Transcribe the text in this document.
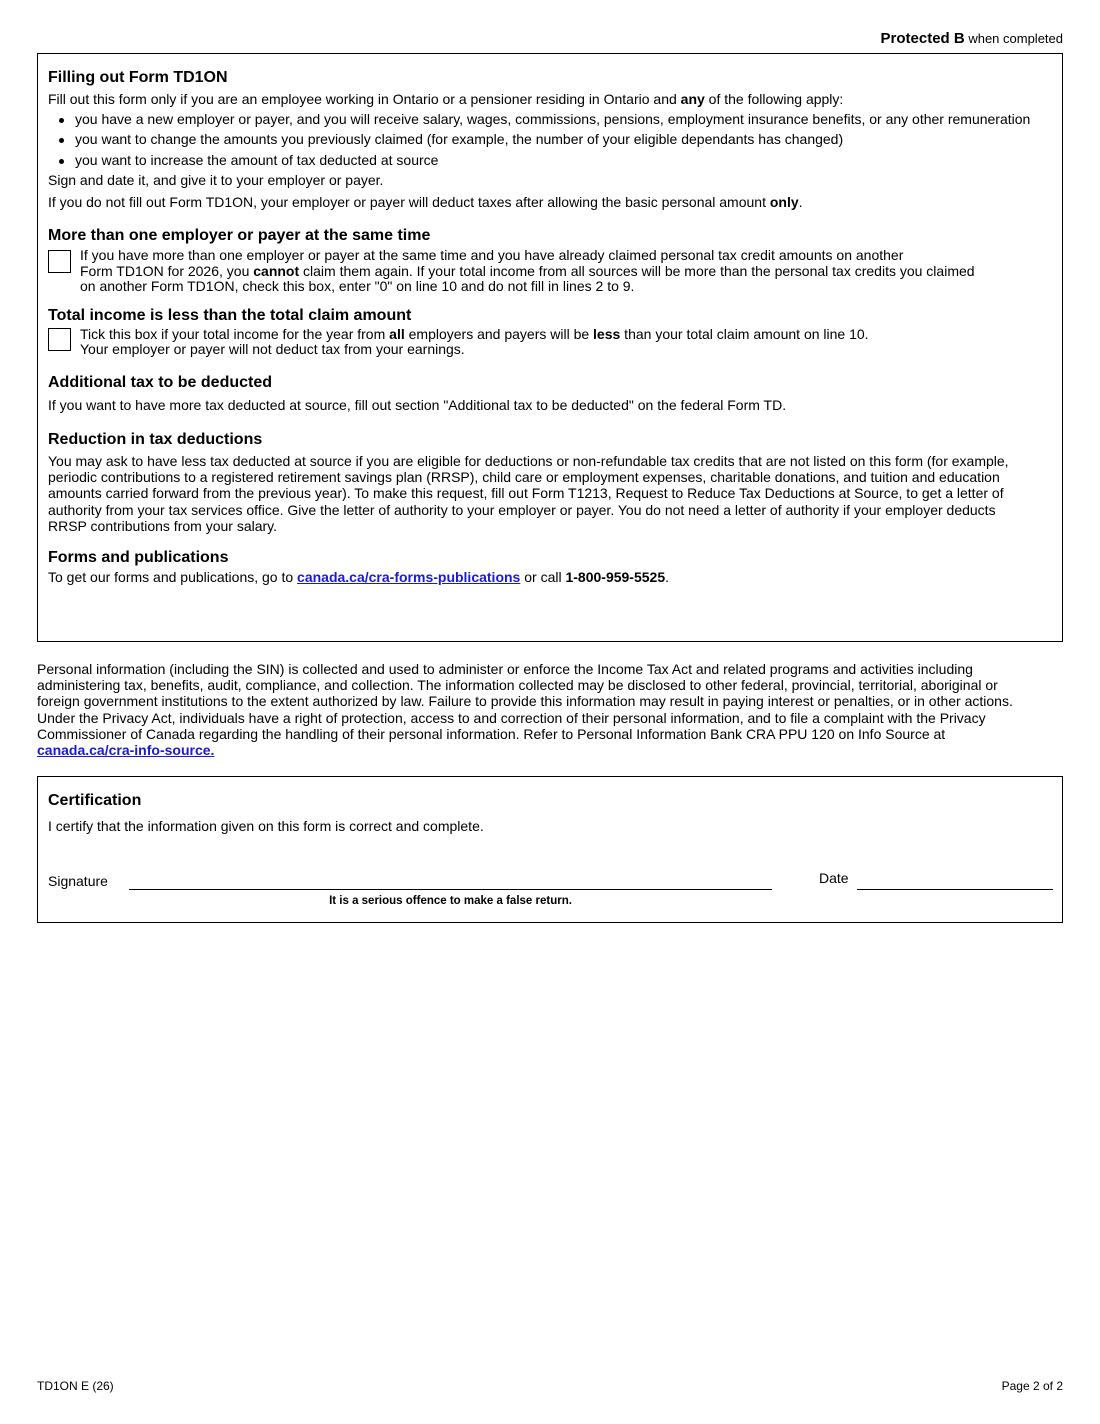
Protected B when completed
Filling out Form TD1ON

Fill out this form only if you are an employee working in Ontario or a pensioner residing in Ontario and any of the following apply:

you have a new employer or payer, and you will receive salary, wages, commissions, pensions, employment insurance benefits, or any other remuneration
you want to change the amounts you previously claimed (for example, the number of your eligible dependants has changed)
you want to increase the amount of tax deducted at source

Sign and date it, and give it to your employer or payer.

If you do not fill out Form TD1ON, your employer or payer will deduct taxes after allowing the basic personal amount only.

More than one employer or payer at the same time

If you have more than one employer or payer at the same time and you have already claimed personal tax credit amounts on another
Form TD1ON for 2026, you cannot claim them again. If your total income from all sources will be more than the personal tax credits you claimed
on another Form TD1ON, check this box, enter "0" on line 10 and do not fill in lines 2 to 9.

Total income is less than the total claim amount

Tick this box if your total income for the year from all employers and payers will be less than your total claim amount on line 10.
Your employer or payer will not deduct tax from your earnings.

Additional tax to be deducted

If you want to have more tax deducted at source, fill out section "Additional tax to be deducted" on the federal Form TD.

Reduction in tax deductions

You may ask to have less tax deducted at source if you are eligible for deductions or non-refundable tax credits that are not listed on this form (for example,
periodic contributions to a registered retirement savings plan (RRSP), child care or employment expenses, charitable donations, and tuition and education
amounts carried forward from the previous year). To make this request, fill out Form T1213, Request to Reduce Tax Deductions at Source, to get a letter of
authority from your tax services office. Give the letter of authority to your employer or payer. You do not need a letter of authority if your employer deducts
RRSP contributions from your salary.

Forms and publications

To get our forms and publications, go to canada.ca/cra-forms-publications or call 1-800-959-5525.

Personal information (including the SIN) is collected and used to administer or enforce the Income Tax Act and related programs and activities including
administering tax, benefits, audit, compliance, and collection. The information collected may be disclosed to other federal, provincial, territorial, aboriginal or
foreign government institutions to the extent authorized by law. Failure to provide this information may result in paying interest or penalties, or in other actions.
Under the Privacy Act, individuals have a right of protection, access to and correction of their personal information, and to file a complaint with the Privacy
Commissioner of Canada regarding the handling of their personal information. Refer to Personal Information Bank CRA PPU 120 on Info Source at
canada.ca/cra-info-source.
Certification

I certify that the information given on this form is correct and complete.

Signature
It is a serious offence to make a false return.
Date
TD1ON E (26)	Page 2 of 2
